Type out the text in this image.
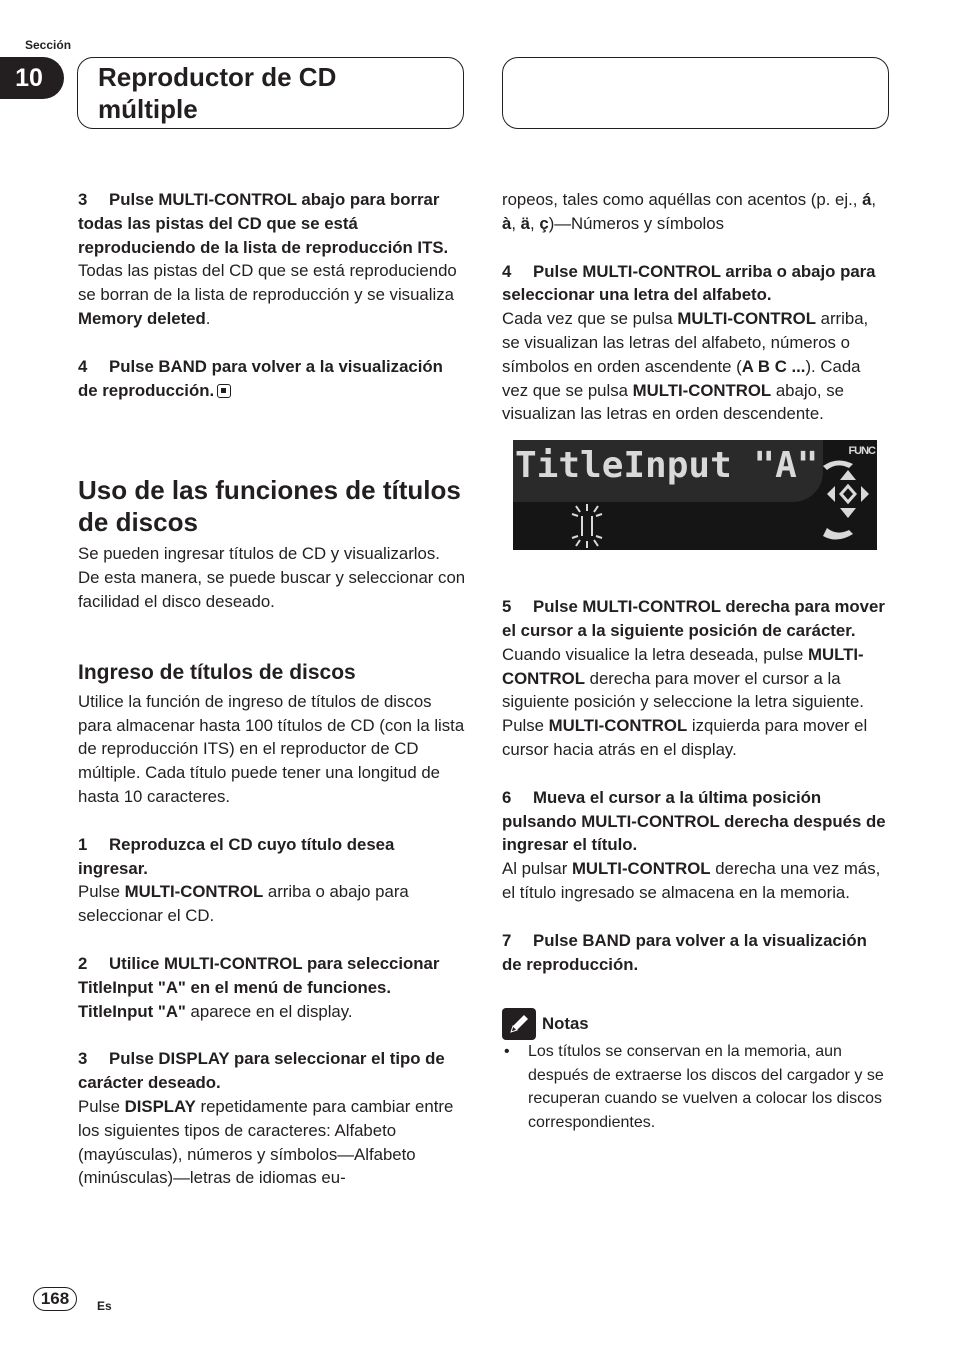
Sección
10	Reproductor de CD múltiple

3 Pulse MULTI-CONTROL abajo para borrar todas las pistas del CD que se está reproduciendo de la lista de reproducción ITS.

Todas las pistas del CD que se está reproduciendo se borran de la lista de reproducción y se visualiza Memory deleted.

4 Pulse BAND para volver a la visualización de reproducción.

Uso de las funciones de títulos de discos

Se pueden ingresar títulos de CD y visualizarlos. De esta manera, se puede buscar y seleccionar con facilidad el disco deseado.

Ingreso de títulos de discos

Utilice la función de ingreso de títulos de discos para almacenar hasta 100 títulos de CD (con la lista de reproducción ITS) en el reproductor de CD múltiple. Cada título puede tener una longitud de hasta 10 caracteres.

1 Reproduzca el CD cuyo título desea ingresar.

Pulse MULTI-CONTROL arriba o abajo para seleccionar el CD.

2 Utilice MULTI-CONTROL para seleccionar TitleInput "A" en el menú de funciones.

TitleInput "A" aparece en el display.

3 Pulse DISPLAY para seleccionar el tipo de carácter deseado.

Pulse DISPLAY repetidamente para cambiar entre los siguientes tipos de caracteres: Alfabeto (mayúsculas), números y símbolos—Alfabeto (minúsculas)—letras de idiomas eu-

ropeos, tales como aquéllas con acentos (p. ej., á, à, ä, ç)—Números y símbolos

4 Pulse MULTI-CONTROL arriba o abajo para seleccionar una letra del alfabeto.

Cada vez que se pulsa MULTI-CONTROL arriba, se visualizan las letras del alfabeto, números o símbolos en orden ascendente (A B C ...). Cada vez que se pulsa MULTI-CONTROL abajo, se visualizan las letras en orden descendente.

TitleInput "A"	FUNC

5 Pulse MULTI-CONTROL derecha para mover el cursor a la siguiente posición de carácter.

Cuando visualice la letra deseada, pulse MULTI-CONTROL derecha para mover el cursor a la siguiente posición y seleccione la letra siguiente. Pulse MULTI-CONTROL izquierda para mover el cursor hacia atrás en el display.

6 Mueva el cursor a la última posición pulsando MULTI-CONTROL derecha después de ingresar el título.

Al pulsar MULTI-CONTROL derecha una vez más, el título ingresado se almacena en la memoria.

7 Pulse BAND para volver a la visualización de reproducción.

Notas

• Los títulos se conservan en la memoria, aun después de extraerse los discos del cargador y se recuperan cuando se vuelven a colocar los discos correspondientes.

168	Es
